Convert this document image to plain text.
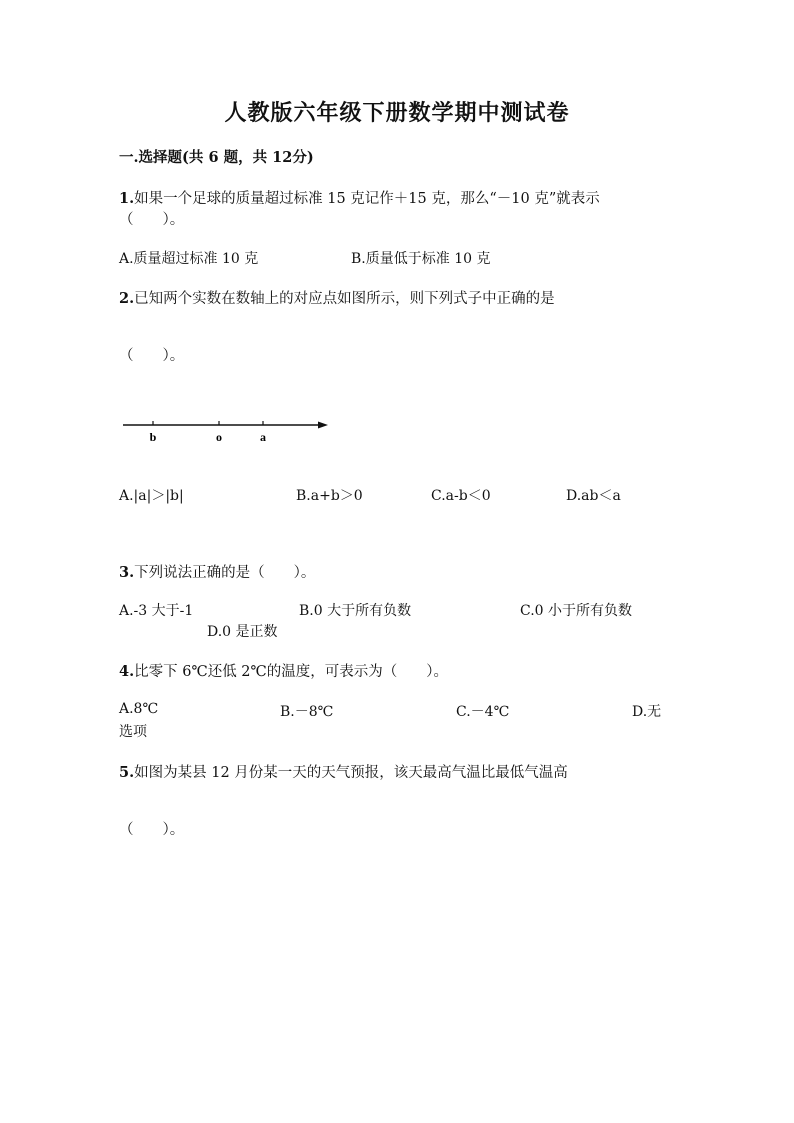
人教版六年级下册数学期中测试卷
一.选择题(共 6 题，共 12分)
1.如果一个足球的质量超过标准 15 克记作＋15 克，那么“－10 克”就表示
（　　）。
A.质量超过标准 10 克	B.质量低于标准 10 克
2.已知两个实数在数轴上的对应点如图所示，则下列式子中正确的是
（　　）。
b	o	a
A.|a|＞|b|	B.a+b＞0	C.a-b＜0	D.ab＜a
3.下列说法正确的是（　　）。
A.-3 大于-1	B.0 大于所有负数	C.0 小于所有负数
D.0 是正数
4.比零下 6℃还低 2℃的温度，可表示为（　　）。
A.8℃	B.－8℃	C.－4℃	D.无
选项
5.如图为某县 12 月份某一天的天气预报，该天最高气温比最低气温高
（　　）。
